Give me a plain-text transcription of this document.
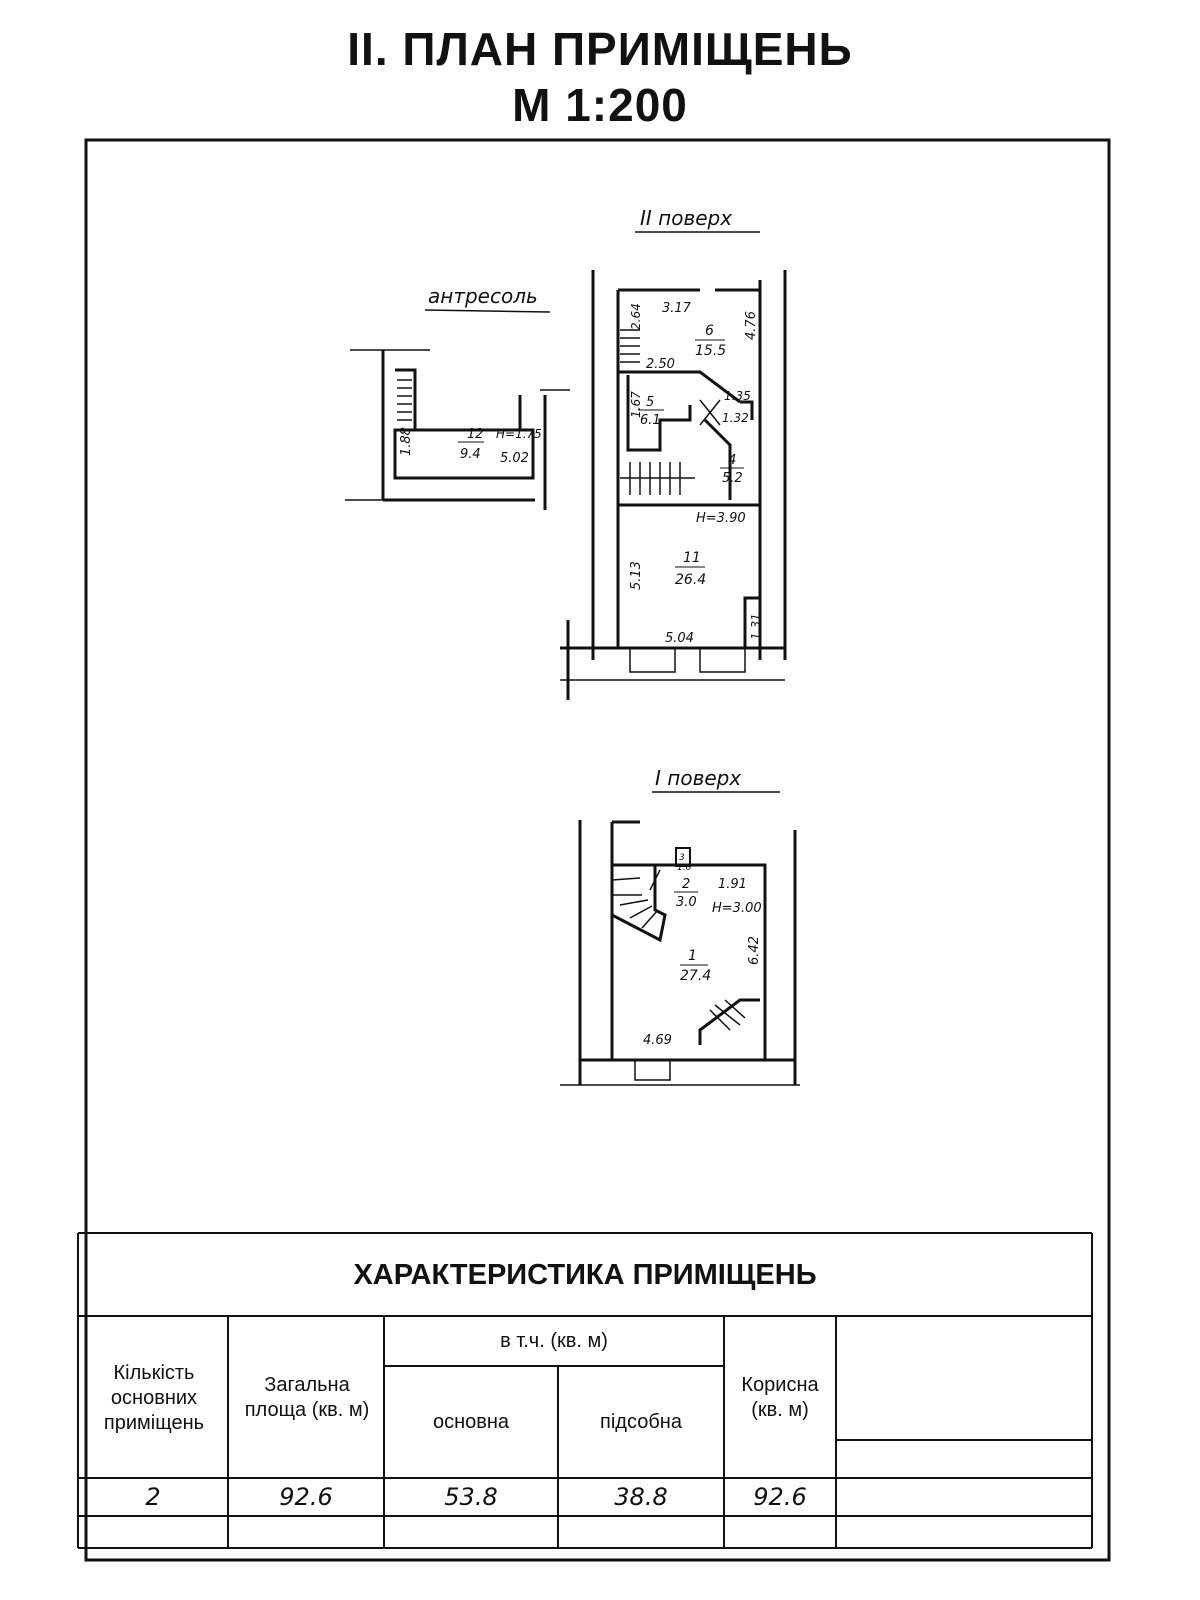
II. ПЛАН ПРИМІЩЕНЬ
М 1:200
антресоль
12
9.4
H=1.75
5.02
1.88
II поверх
3.17
2.64	4.76
6
15.5
2.50
1.67 5
6.1
1.35
1.32
4
5.2
H=3.90
5.13
11
26.4
5.04	1.31
I поверх
3
1.0
2
3.0
1.91
H=3.00
6.42
1
27.4
4.69
ХАРАКТЕРИСТИКА ПРИМІЩЕНЬ
Кількість основних приміщень
Загальна площа (кв. м)
в т.ч. (кв. м)
основна	підсобна
Корисна (кв. м)
2	92.6	53.8	38.8	92.6
